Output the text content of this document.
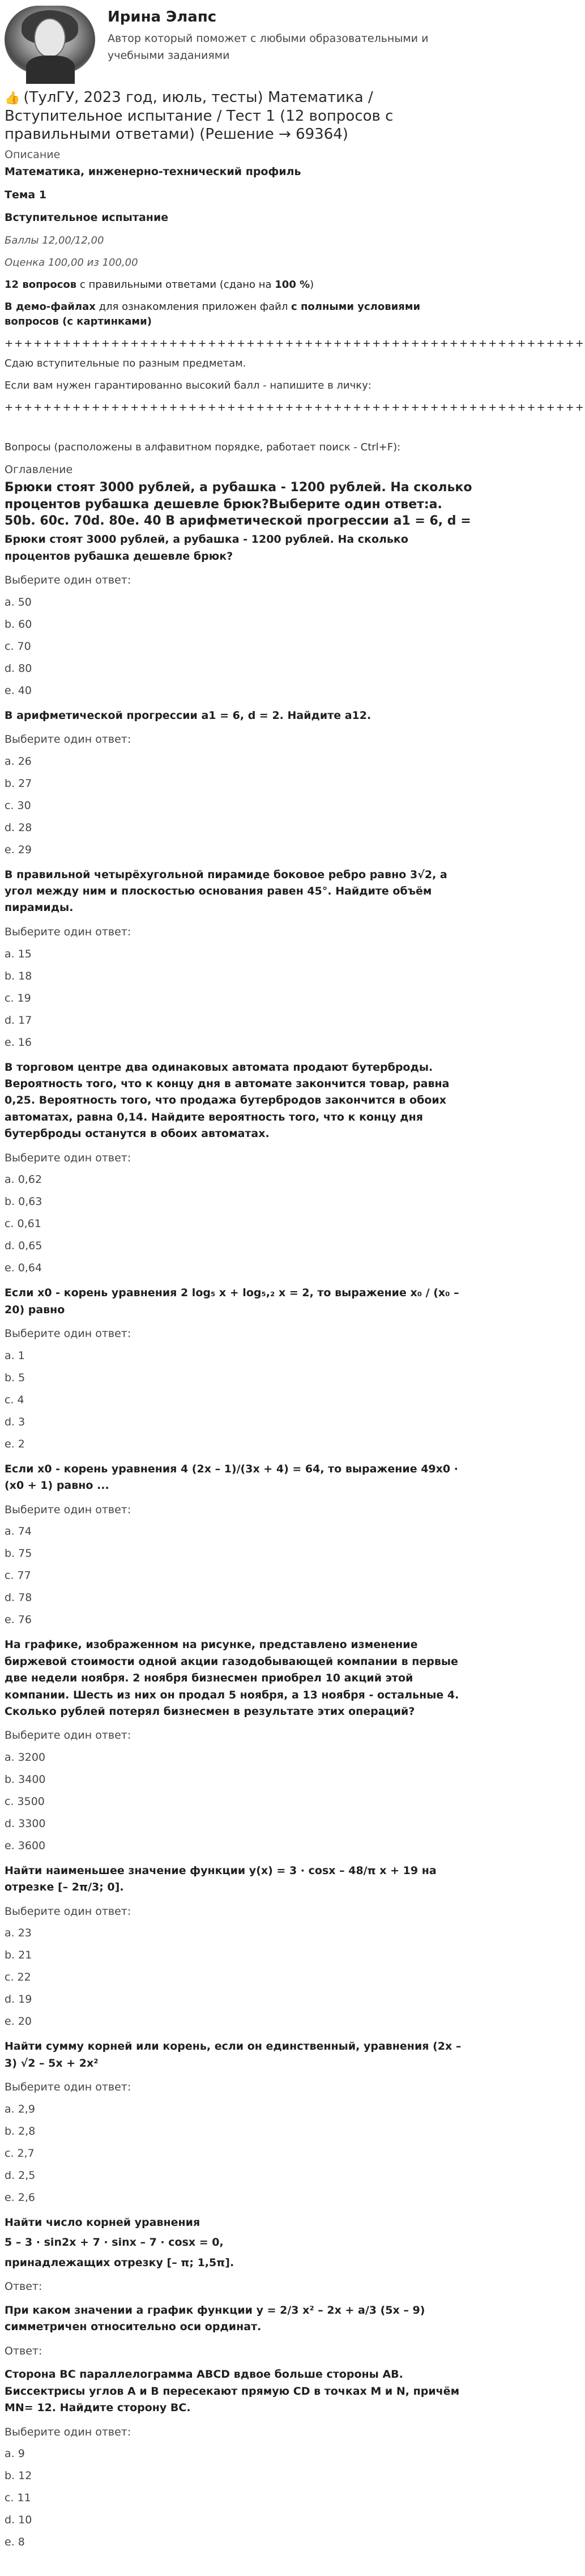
Ирина Элапс
Автор который поможет с любыми образовательными и учебными заданиями
👍 (ТулГУ, 2023 год, июль, тесты) Математика / Вступительное испытание / Тест 1 (12 вопросов с правильными ответами) (Решение → 69364)
Описание
Математика, инженерно-технический профиль
Тема 1
Вступительное испытание
Баллы 12,00/12,00
Оценка 100,00 из 100,00
12 вопросов с правильными ответами (сдано на 100 %)
В демо-файлах для ознакомления приложен файл с полными условиями вопросов (с картинками)
++++++++++++++++++++++++++++++++++++++++++++++++++++++++++++
Сдаю вступительные по разным предметам.
Если вам нужен гарантированно высокий балл - напишите в личку:
++++++++++++++++++++++++++++++++++++++++++++++++++++++++++++
Вопросы (расположены в алфавитном порядке, работает поиск - Ctrl+F):
Оглавление
Брюки стоят 3000 рублей, а рубашка - 1200 рублей. На сколько процентов рубашка дешевле брюк?Выберите один ответ:a. 50b. 60c. 70d. 80e. 40 В арифметической прогрессии a1 = 6, d =
Брюки стоят 3000 рублей, а рубашка - 1200 рублей. На сколько процентов рубашка дешевле брюк?
Выберите один ответ:
a. 50
b. 60
c. 70
d. 80
e. 40
В арифметической прогрессии a1 = 6, d = 2. Найдите a12.
Выберите один ответ:
a. 26
b. 27
c. 30
d. 28
e. 29
В правильной четырёхугольной пирамиде боковое ребро равно 3√2, а угол между ним и плоскостью основания равен 45°. Найдите объём пирамиды.
Выберите один ответ:
a. 15
b. 18
c. 19
d. 17
e. 16
В торговом центре два одинаковых автомата продают бутерброды. Вероятность того, что к концу дня в автомате закончится товар, равна 0,25. Вероятность того, что продажа бутербродов закончится в обоих автоматах, равна 0,14. Найдите вероятность того, что к концу дня бутерброды останутся в обоих автоматах.
Выберите один ответ:
a. 0,62
b. 0,63
c. 0,61
d. 0,65
e. 0,64
Если x0 - корень уравнения 2 log₅ x + log₅,₂ x = 2, то выражение x₀ / (x₀ – 20) равно
Выберите один ответ:
a. 1
b. 5
c. 4
d. 3
e. 2
Если x0 - корень уравнения 4 (2x – 1)/(3x + 4) = 64, то выражение 49x0 · (x0 + 1) равно ...
Выберите один ответ:
a. 74
b. 75
c. 77
d. 78
e. 76
На графике, изображенном на рисунке, представлено изменение биржевой стоимости одной акции газодобывающей компании в первые две недели ноября. 2 ноября бизнесмен приобрел 10 акций этой компании. Шесть из них он продал 5 ноября, а 13 ноября - остальные 4. Сколько рублей потерял бизнесмен в результате этих операций?
Выберите один ответ:
a. 3200
b. 3400
c. 3500
d. 3300
e. 3600
Найти наименьшее значение функции y(x) = 3 · cosx – 48/π x + 19 на отрезке [– 2π/3; 0].
Выберите один ответ:
a. 23
b. 21
c. 22
d. 19
e. 20
Найти сумму корней или корень, если он единственный, уравнения (2x – 3) √2 – 5x + 2x²
Выберите один ответ:
a. 2,9
b. 2,8
c. 2,7
d. 2,5
e. 2,6
Найти число корней уравнения
5 – 3 · sin2x + 7 · sinx – 7 · cosx = 0,
принадлежащих отрезку [– π; 1,5π].
Ответ:
При каком значении a график функции y = 2/3 x² – 2x + a/3 (5x – 9) симметричен относительно оси ординат.
Ответ:
Сторона BC параллелограмма ABCD вдвое больше стороны AB. Биссектрисы углов A и B пересекают прямую CD в точках M и N, причём MN= 12. Найдите сторону BC.
Выберите один ответ:
a. 9
b. 12
c. 11
d. 10
e. 8
